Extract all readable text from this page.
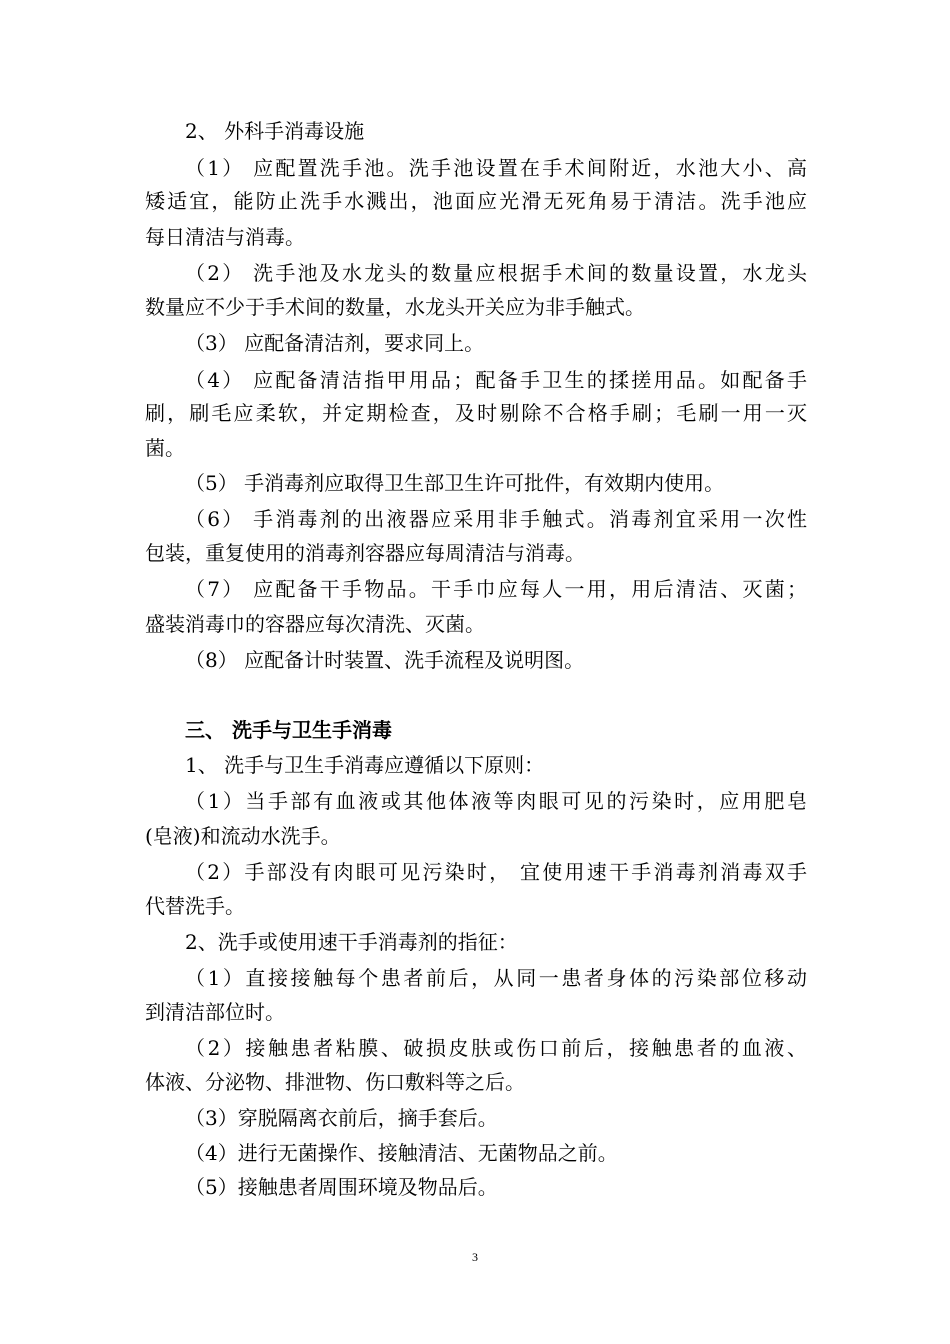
2、 外科手消毒设施
（1） 应配置洗手池。洗手池设置在手术间附近，水池大小、高
矮适宜，能防止洗手水溅出，池面应光滑无死角易于清洁。洗手池应
每日清洁与消毒。
（2） 洗手池及水龙头的数量应根据手术间的数量设置，水龙头
数量应不少于手术间的数量，水龙头开关应为非手触式。
（3） 应配备清洁剂，要求同上。
（4） 应配备清洁指甲用品；配备手卫生的揉搓用品。如配备手
刷，刷毛应柔软，并定期检查，及时剔除不合格手刷；毛刷一用一灭
菌。
（5） 手消毒剂应取得卫生部卫生许可批件，有效期内使用。
（6） 手消毒剂的出液器应采用非手触式。消毒剂宜采用一次性
包装，重复使用的消毒剂容器应每周清洁与消毒。
（7） 应配备干手物品。干手巾应每人一用，用后清洁、灭菌；
盛装消毒巾的容器应每次清洗、灭菌。
（8） 应配备计时装置、洗手流程及说明图。
三、 洗手与卫生手消毒
1、 洗手与卫生手消毒应遵循以下原则：
（1）当手部有血液或其他体液等肉眼可见的污染时，应用肥皂
(皂液)和流动水洗手。
（2）手部没有肉眼可见污染时， 宜使用速干手消毒剂消毒双手
代替洗手。
2、洗手或使用速干手消毒剂的指征：
（1）直接接触每个患者前后，从同一患者身体的污染部位移动
到清洁部位时。
（2）接触患者粘膜、破损皮肤或伤口前后，接触患者的血液、
体液、分泌物、排泄物、伤口敷料等之后。
（3）穿脱隔离衣前后，摘手套后。
（4）进行无菌操作、接触清洁、无菌物品之前。
（5）接触患者周围环境及物品后。
3
